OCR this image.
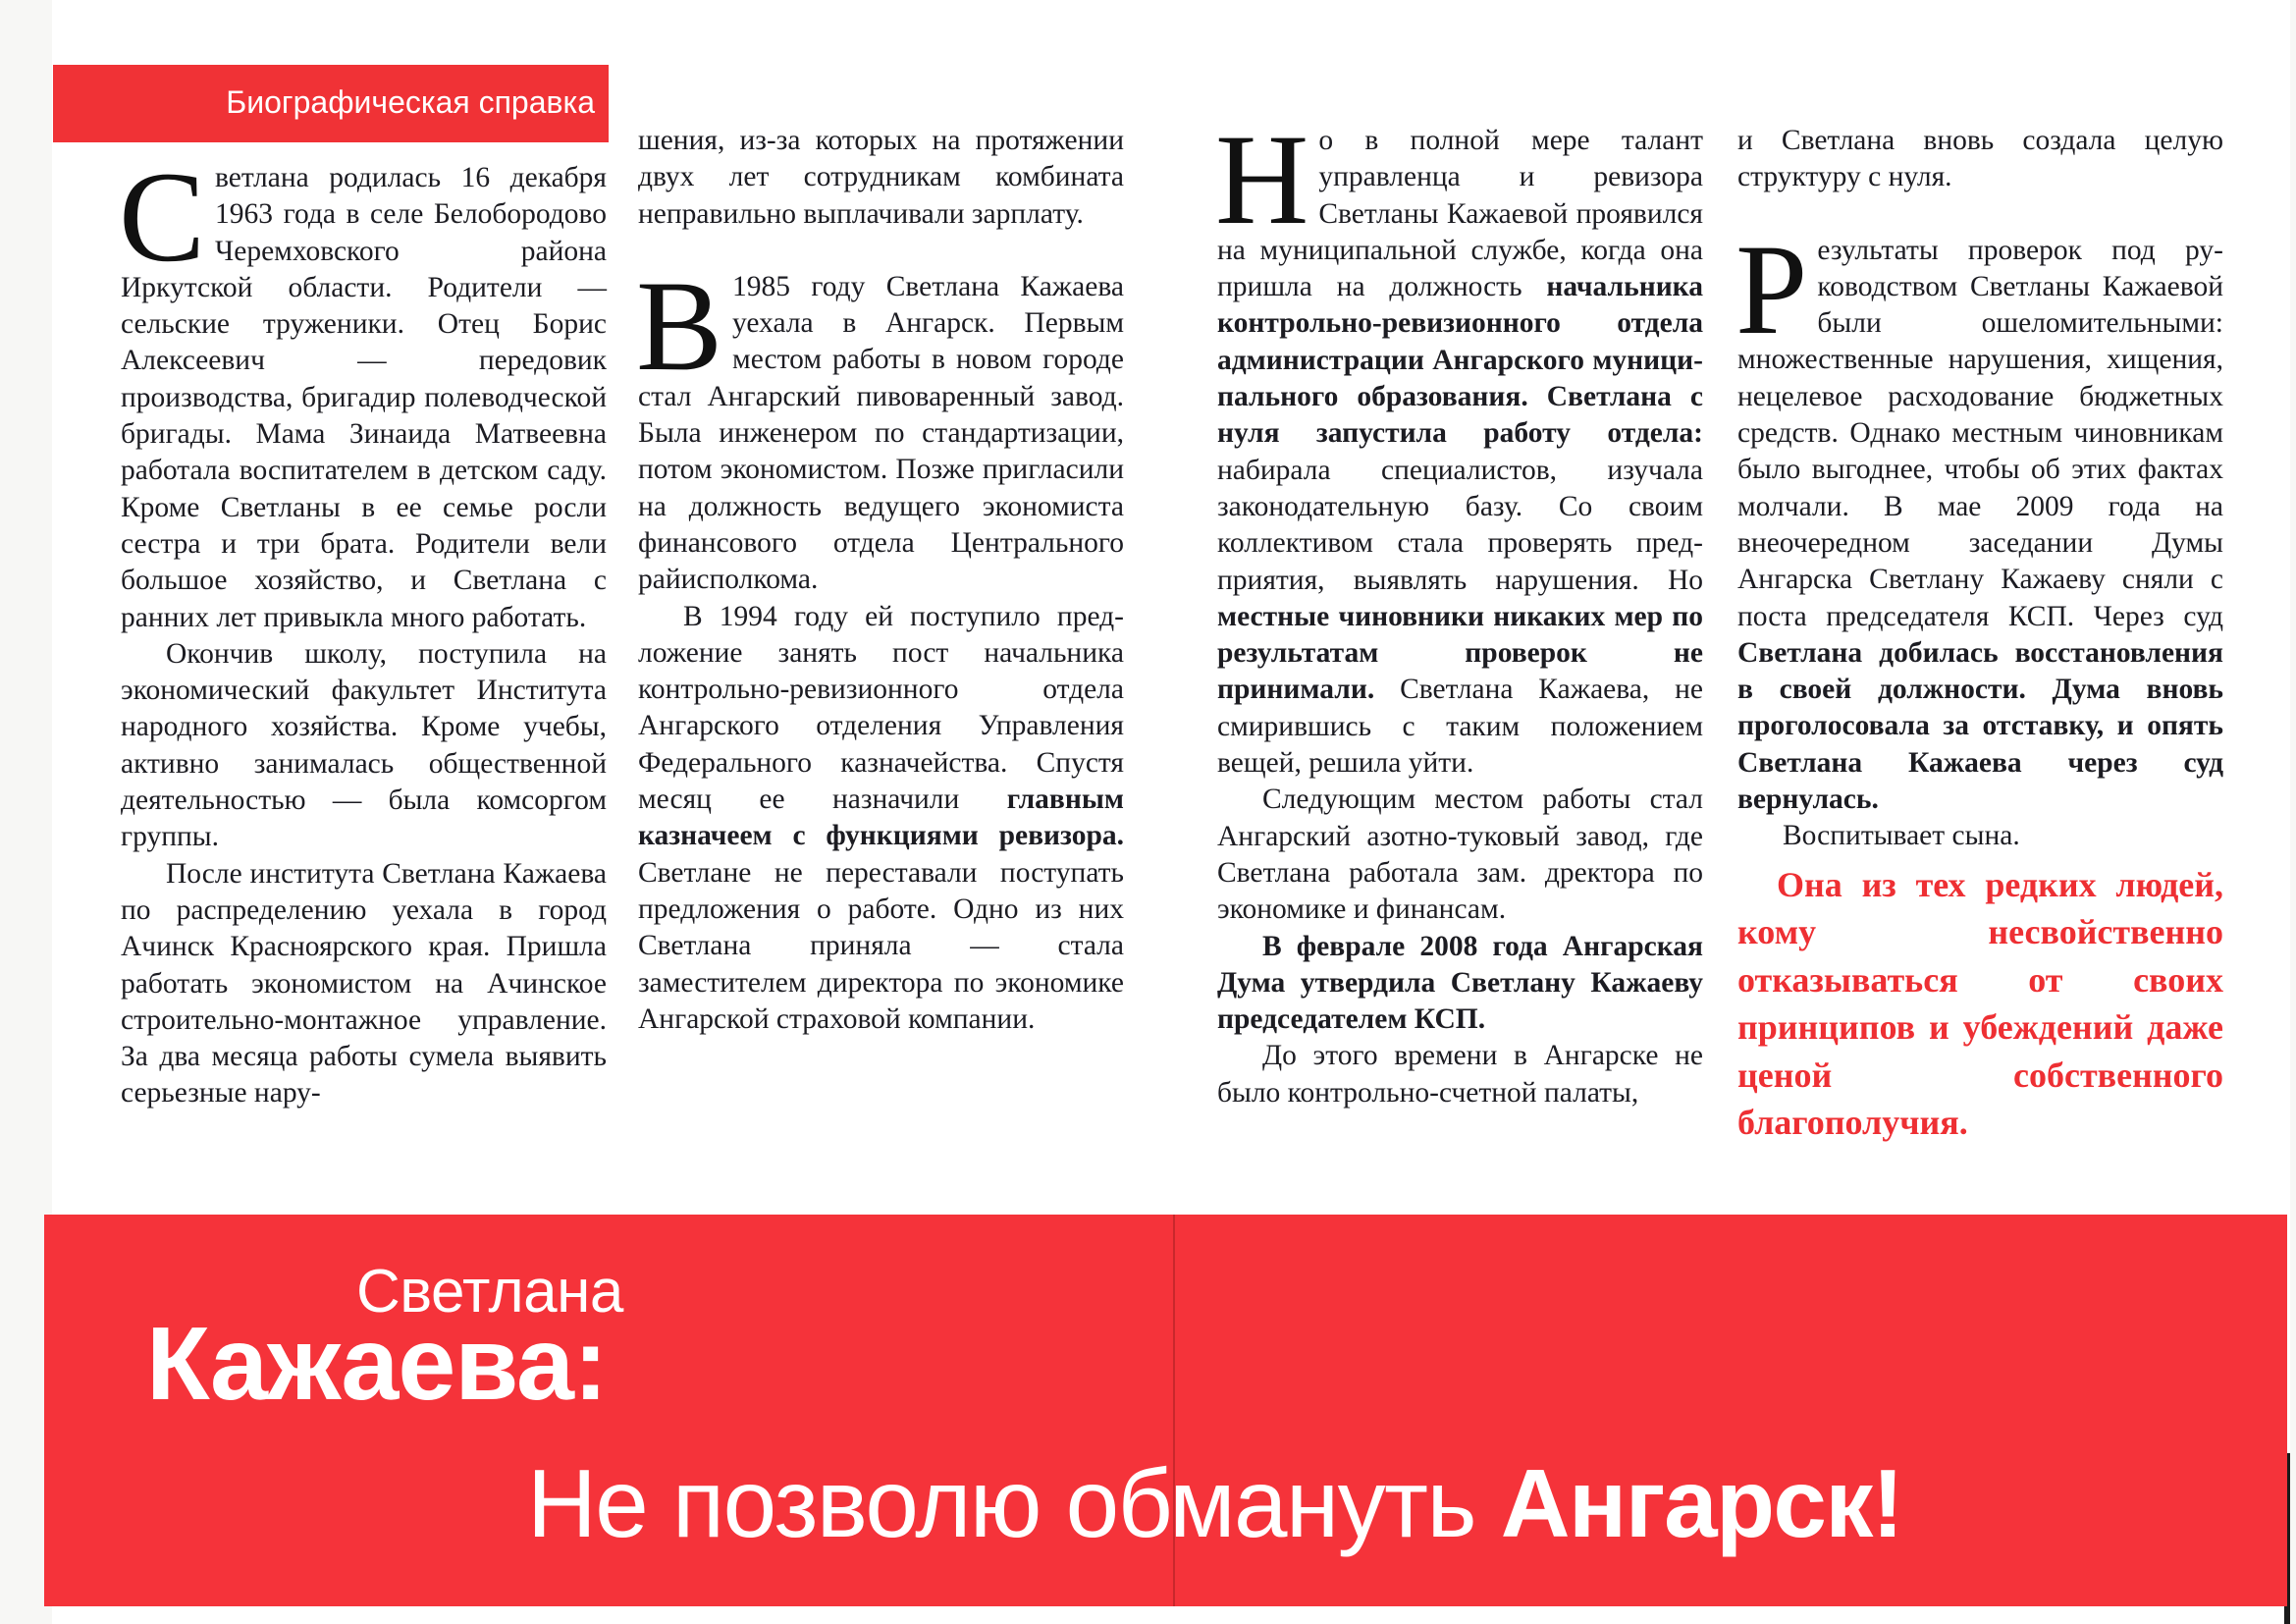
Биографическая справка

Светлана родилась 16 декабря 1963 года в селе Белобородово Черемховского района Иркутской области. Родители — сельские труженики. Отец Борис Алексеевич — передовик производства, бригадир полеводческой бригады. Мама Зинаида Матвеевна работала воспитателем в детском саду. Кроме Светланы в ее семье росли сестра и три брата. Родители вели большое хозяйство, и Светлана с ранних лет привыкла много работать.

Окончив школу, поступила на экономический факультет Института народного хозяйства. Кроме учебы, активно занималась общественной деятельностью — была комсоргом группы.

После института Светлана Кажаева по распределению уехала в город Ачинск Красноярского края. Пришла работать экономистом на Ачинское строительно-монтажное управление. За два месяца работы сумела выявить серьезные нару-

шения, из-за которых на протяжении двух лет сотрудникам комбината неправильно выплачивали зарплату.

В 1985 году Светлана Кажаева уехала в Ангарск. Первым местом работы в новом городе стал Ангарский пивоваренный завод. Была инженером по стандартизации, потом экономистом. Позже пригласили на должность ведущего экономиста финансового отдела Центрального райисполкома.

В 1994 году ей поступило предложение занять пост начальника контрольно-ревизионного отдела Ангарского отделения Управления Федерального казначейства. Спустя месяц ее назначили главным казначеем с функциями ревизора. Светлане не переставали поступать предложения о работе. Одно из них Светлана приняла — стала заместителем директора по экономике Ангарской страховой компании.

Но в полной мере талант управленца и ревизора Светланы Кажаевой проявился на муниципальной службе, когда она пришла на должность начальника контрольно-ревизионного отдела администрации Ангарского муниципального образования. Светлана с нуля запустила работу отдела: набирала специалистов, изучала законодательную базу. Со своим коллективом стала проверять предприятия, выявлять нарушения. Но местные чиновники никаких мер по результатам проверок не принимали. Светлана Кажаева, не смирившись с таким положением вещей, решила уйти.

Следующим местом работы стал Ангарский азотно-туковый завод, где Светлана работала зам. дректора по экономике и финансам.

В феврале 2008 года Ангарская Дума утвердила Светлану Кажаеву председателем КСП.

До этого времени в Ангарске не было контрольно-счетной палаты,

и Светлана вновь создала целую структуру с нуля.

Результаты проверок под руководством Светланы Кажаевой были ошеломительными: множественные нарушения, хищения, нецелевое расходование бюджетных средств. Однако местным чиновникам было выгоднее, чтобы об этих фактах молчали. В мае 2009 года на внеочередном заседании Думы Ангарска Светлану Кажаеву сняли с поста председателя КСП. Через суд Светлана добилась восстановления в своей должности. Дума вновь проголосовала за отставку, и опять Светлана Кажаева через суд вернулась.

Воспитывает сына.

Она из тех редких людей, кому несвойственно отказываться от своих принципов и убеждений даже ценой собственного благополучия.

Светлана
Кажаева:
Не позволю обмануть Ангарск!
